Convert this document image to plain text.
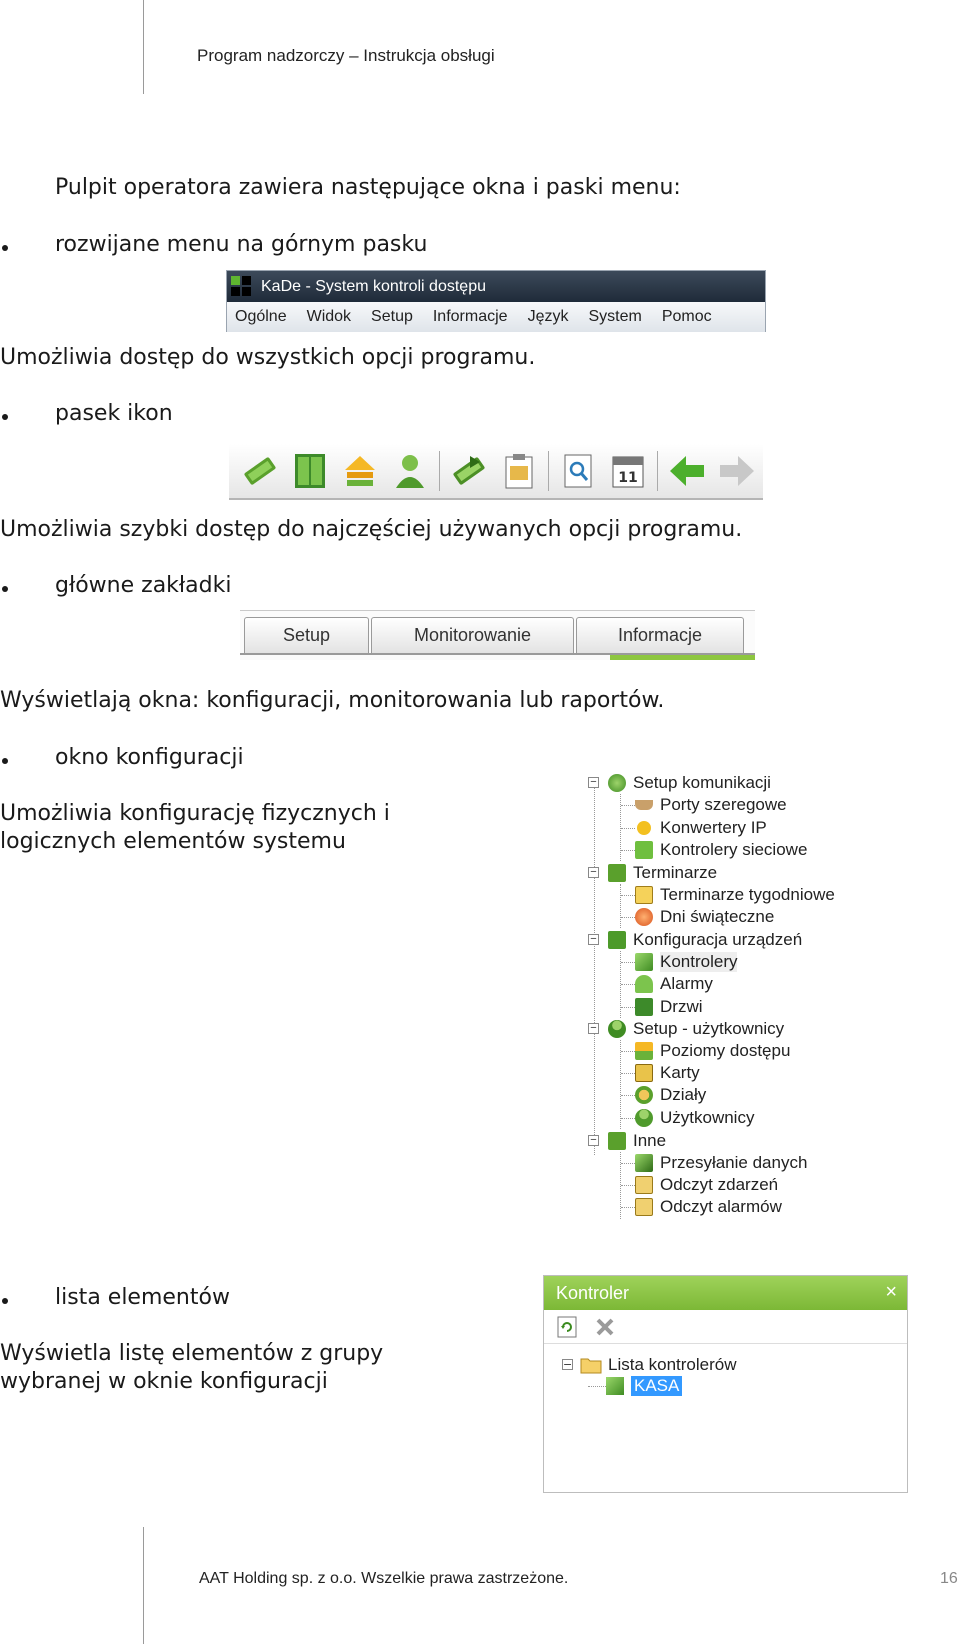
Program nadzorczy – Instrukcja obsługi
Pulpit operatora zawiera następujące okna i paski menu:
rozwijane menu na górnym pasku
KaDe - System kontroli dostępu
Ogólne Widok Setup Informacje Język System Pomoc
Umożliwia dostęp do wszystkich opcji programu.
pasek ikon
11
Umożliwia szybki dostęp do najczęściej używanych opcji programu.
główne zakładki
Setup	Monitorowanie	Informacje
Wyświetlają okna: konfiguracji, monitorowania lub raportów.
okno konfiguracji
Umożliwia konfigurację fizycznych i
logicznych elementów systemu
− Setup komunikacji
Porty szeregowe
Konwertery IP
Kontrolery sieciowe
− Terminarze
Terminarze tygodniowe
Dni świąteczne
− Konfiguracja urządzeń
Kontrolery
Alarmy
Drzwi
− Setup - użytkownicy
Poziomy dostępu
Karty
Działy
Użytkownicy
− Inne
Przesyłanie danych
Odczyt zdarzeń
Odczyt alarmów
lista elementów
Wyświetla listę elementów z grupy
wybranej w oknie konfiguracji
Kontroler	×
− Lista kontrolerów
KASA
AAT Holding sp. z o.o. Wszelkie prawa zastrzeżone.	16
